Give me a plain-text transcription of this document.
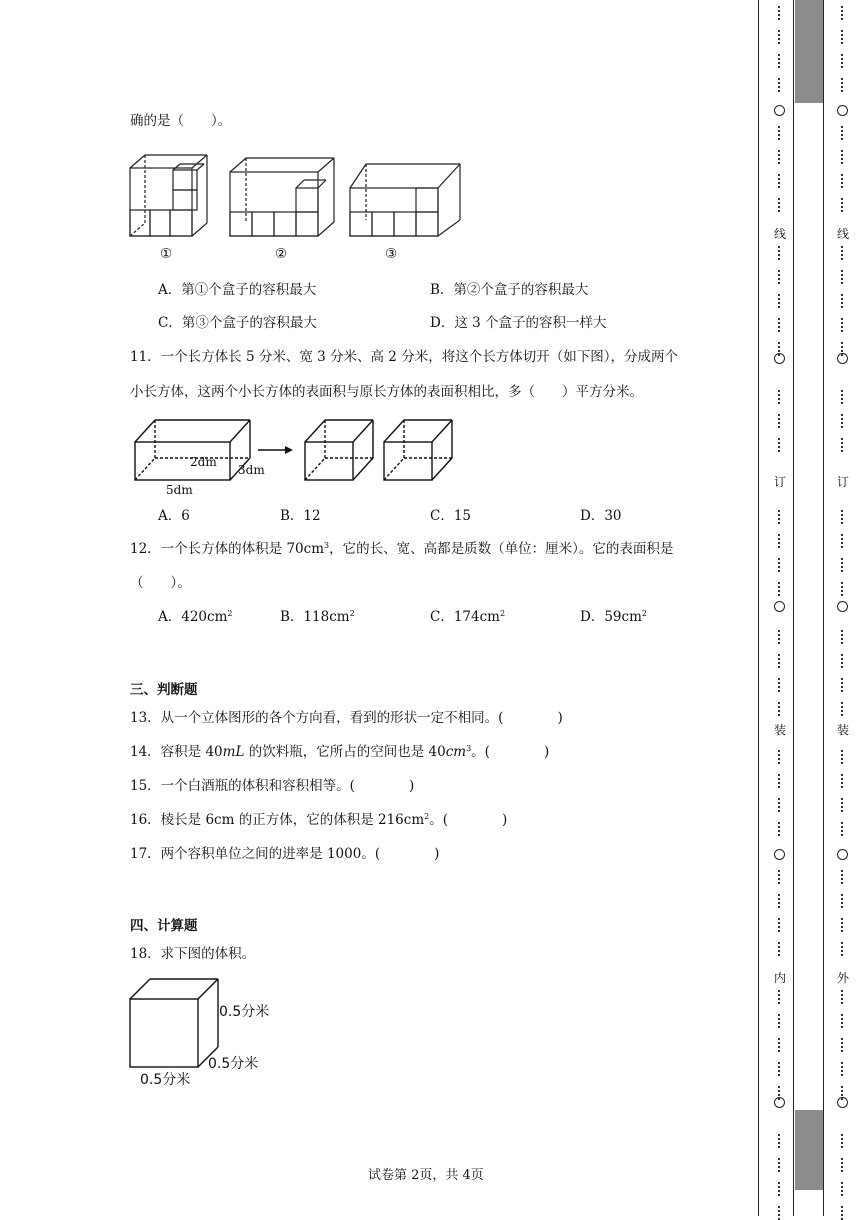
确的是（　　）。
①	②	③
A．第①个盒子的容积最大	B．第②个盒子的容积最大
C．第③个盒子的容积最大	D．这 3 个盒子的容积一样大
11．一个长方体长 5 分米、宽 3 分米、高 2 分米，将这个长方体切开（如下图），分成两个
小长方体，这两个小长方体的表面积与原长方体的表面积相比，多（　　）平方分米。
2dm
3dm
5dm
A．6	B．12	C．15	D．30
12．一个长方体的体积是 $70cm^3$，它的长、宽、高都是质数（单位：厘米）。它的表面积是
（　　）。
A．$420cm^2$	B．$118cm^2$	C．$174cm^2$	D．$59cm^2$
三、判断题
13．从一个立体图形的各个方向看，看到的形状一定不相同。(　　　　)
14．容积是 40mL 的饮料瓶，它所占的空间也是 $40cm^3$。(　　　　)
15．一个白酒瓶的体积和容积相等。(　　　　)
16．棱长是 6cm 的正方体，它的体积是 $216cm^2$。(　　　　)
17．两个容积单位之间的进率是 1000。(　　　　)
四、计算题
18．求下图的体积。
0.5分米
0.5分米
0.5分米
试卷第 2页，共 4页
线
订
装
内
线
订
装
外
